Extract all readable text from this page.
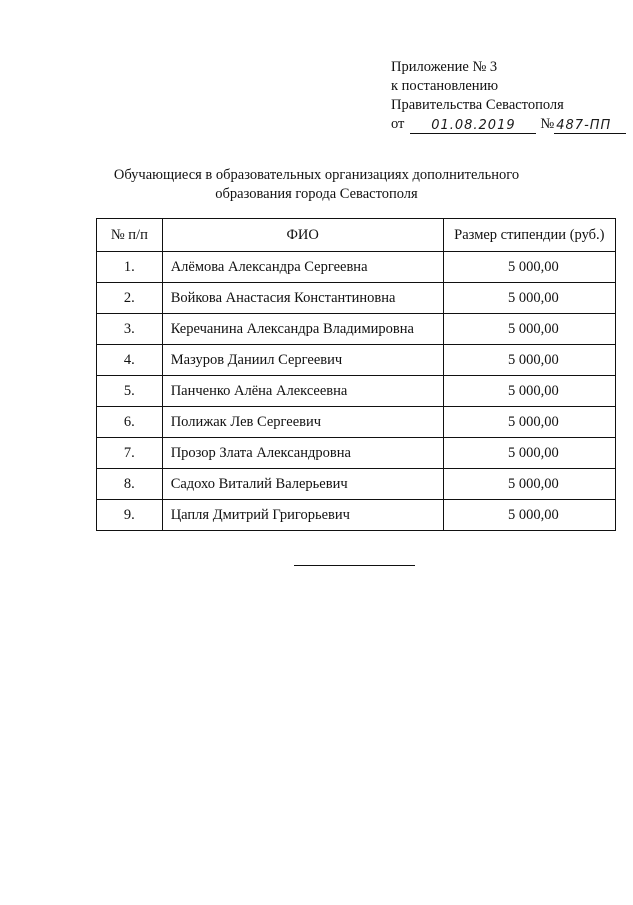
Приложение № 3
к постановлению
Правительства Севастополя
от	01.08.2019	№ 487-ПП
Обучающиеся в образовательных организациях дополнительного
образования города Севастополя
№ п/п	ФИО	Размер стипендии (руб.)
1.	Алёмова Александра Сергеевна	5 000,00
2.	Войкова Анастасия Константиновна	5 000,00
3.	Керечанина Александра Владимировна	5 000,00
4.	Мазуров Даниил Сергеевич	5 000,00
5.	Панченко Алёна Алексеевна	5 000,00
6.	Полижак Лев Сергеевич	5 000,00
7.	Прозор Злата Александровна	5 000,00
8.	Садохо Виталий Валерьевич	5 000,00
9.	Цапля Дмитрий Григорьевич	5 000,00
